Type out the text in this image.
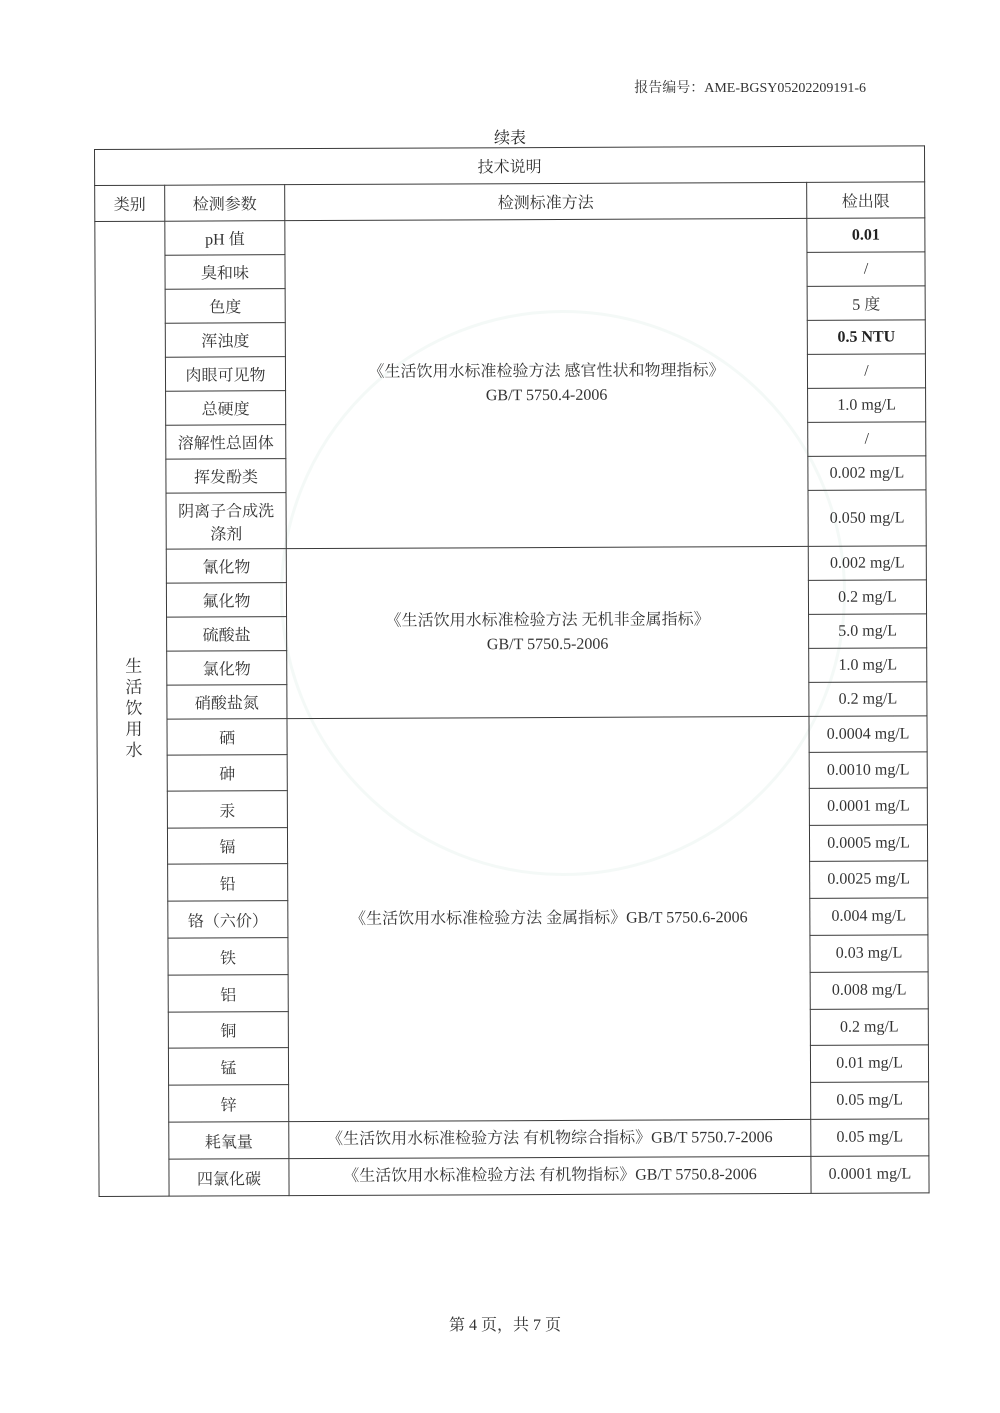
报告编号：AME-BGSY05202209191-6
续表
技术说明			
类别	检测参数	检测标准方法	检出限

生活饮用水	pH 值	《生活饮用水标准检验方法 感官性状和物理指标》
GB/T 5750.4-2006	0.01
	臭和味		/
	色度		5 度
	浑浊度		0.5 NTU
	肉眼可见物		/
	总硬度		1.0 mg/L
	溶解性总固体		/
	挥发酚类		0.002 mg/L
	阴离子合成洗涤剂		0.050 mg/L
	氰化物	《生活饮用水标准检验方法 无机非金属指标》
GB/T 5750.5-2006	0.002 mg/L
	氟化物		0.2 mg/L
	硫酸盐		5.0 mg/L
	氯化物		1.0 mg/L
	硝酸盐氮		0.2 mg/L
	硒	《生活饮用水标准检验方法 金属指标》GB/T 5750.6-2006	0.0004 mg/L
	砷		0.0010 mg/L
	汞		0.0001 mg/L
	镉		0.0005 mg/L
	铅		0.0025 mg/L
	铬（六价）		0.004 mg/L
	铁		0.03 mg/L
	铝		0.008 mg/L
	铜		0.2 mg/L
	锰		0.01 mg/L
	锌		0.05 mg/L
	耗氧量	《生活饮用水标准检验方法 有机物综合指标》GB/T 5750.7-2006	0.05 mg/L
	四氯化碳	《生活饮用水标准检验方法 有机物指标》GB/T 5750.8-2006	0.0001 mg/L
第 4 页，共 7 页
